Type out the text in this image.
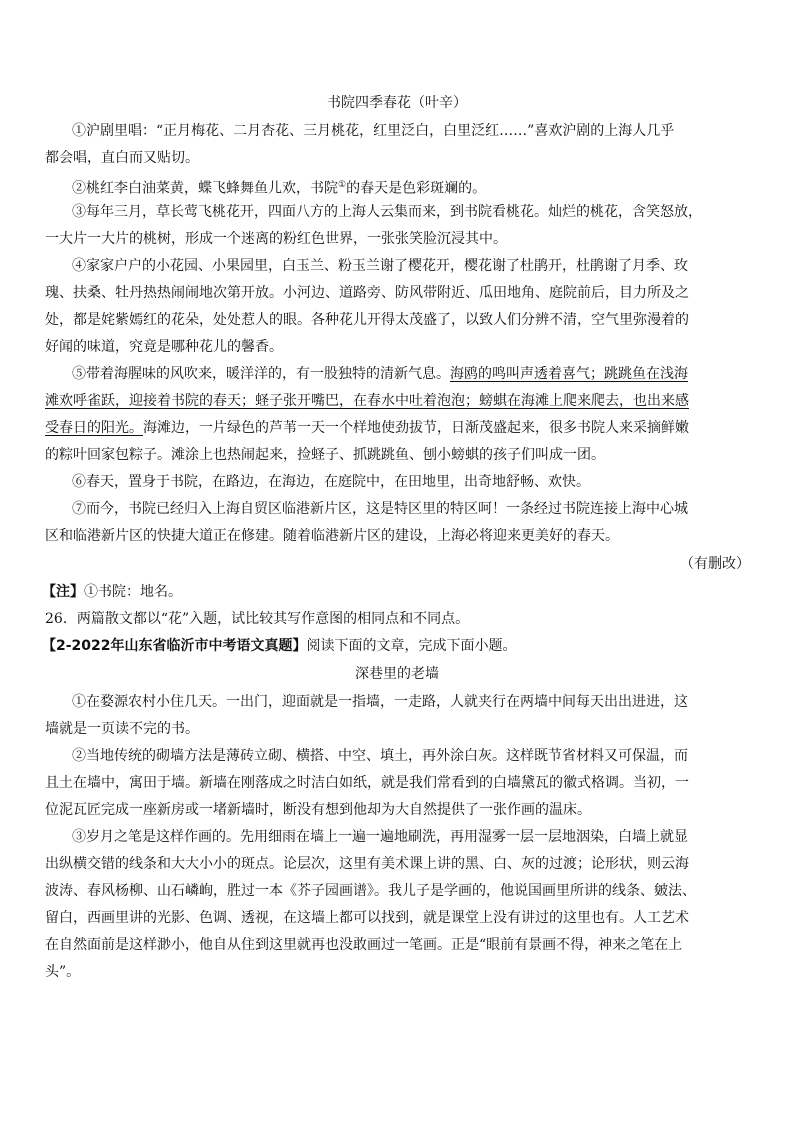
书院四季春花（叶辛）
①沪剧里唱：“正月梅花、二月杏花、三月桃花，红里泛白，白里泛红……”喜欢沪剧的上海人几乎
都会唱，直白而又贴切。
②桃红李白油菜黄，蝶飞蜂舞鱼儿欢，书院①的春天是色彩斑斓的。
③每年三月，草长莺飞桃花开，四面八方的上海人云集而来，到书院看桃花。灿烂的桃花，含笑怒放，
一大片一大片的桃树，形成一个迷离的粉红色世界，一张张笑脸沉浸其中。
④家家户户的小花园、小果园里，白玉兰、粉玉兰谢了樱花开，樱花谢了杜鹃开，杜鹃谢了月季、玫
瑰、扶桑、牡丹热热闹闹地次第开放。小河边、道路旁、防风带附近、瓜田地角、庭院前后，目力所及之
处，都是姹紫嫣红的花朵，处处惹人的眼。各种花儿开得太茂盛了，以致人们分辨不清，空气里弥漫着的
好闻的味道，究竟是哪种花儿的馨香。
⑤带着海腥味的风吹来，暖洋洋的，有一股独特的清新气息。海鸥的鸣叫声透着喜气；跳跳鱼在浅海
滩欢呼雀跃，迎接着书院的春天；蛏子张开嘴巴，在春水中吐着泡泡；螃蜞在海滩上爬来爬去，也出来感
受春日的阳光。海滩边，一片绿色的芦苇一天一个样地使劲拔节，日渐茂盛起来，很多书院人来采摘鲜嫩
的粽叶回家包粽子。滩涂上也热闹起来，捡蛏子、抓跳跳鱼、刨小螃蜞的孩子们叫成一团。
⑥春天，置身于书院，在路边，在海边，在庭院中，在田地里，出奇地舒畅、欢快。
⑦而今，书院已经归入上海自贸区临港新片区，这是特区里的特区呵！一条经过书院连接上海中心城
区和临港新片区的快捷大道正在修建。随着临港新片区的建设，上海必将迎来更美好的春天。
（有删改）
【注】①书院：地名。
26．两篇散文都以“花”入题，试比较其写作意图的相同点和不同点。
【2-2022年山东省临沂市中考语文真题】阅读下面的文章，完成下面小题。
深巷里的老墙
①在婺源农村小住几天。一出门，迎面就是一指墙，一走路，人就夹行在两墙中间每天出出进进，这
墙就是一页读不完的书。
②当地传统的砌墙方法是薄砖立砌、横搭、中空、填土，再外涂白灰。这样既节省材料又可保温，而
且土在墙中，寓田于墙。新墙在刚落成之时洁白如纸，就是我们常看到的白墙黛瓦的徽式格调。当初，一
位泥瓦匠完成一座新房或一堵新墙时，断没有想到他却为大自然提供了一张作画的温床。
③岁月之笔是这样作画的。先用细雨在墙上一遍一遍地刷洗，再用湿雾一层一层地洇染，白墙上就显
出纵横交错的线条和大大小小的斑点。论层次，这里有美术课上讲的黑、白、灰的过渡；论形状，则云海
波涛、春风杨柳、山石嶙峋，胜过一本《芥子园画谱》。我儿子是学画的，他说国画里所讲的线条、皴法、
留白，西画里讲的光影、色调、透视，在这墙上都可以找到，就是课堂上没有讲过的这里也有。人工艺术
在自然面前是这样渺小，他自从住到这里就再也没敢画过一笔画。正是“眼前有景画不得，神来之笔在上
头”。
